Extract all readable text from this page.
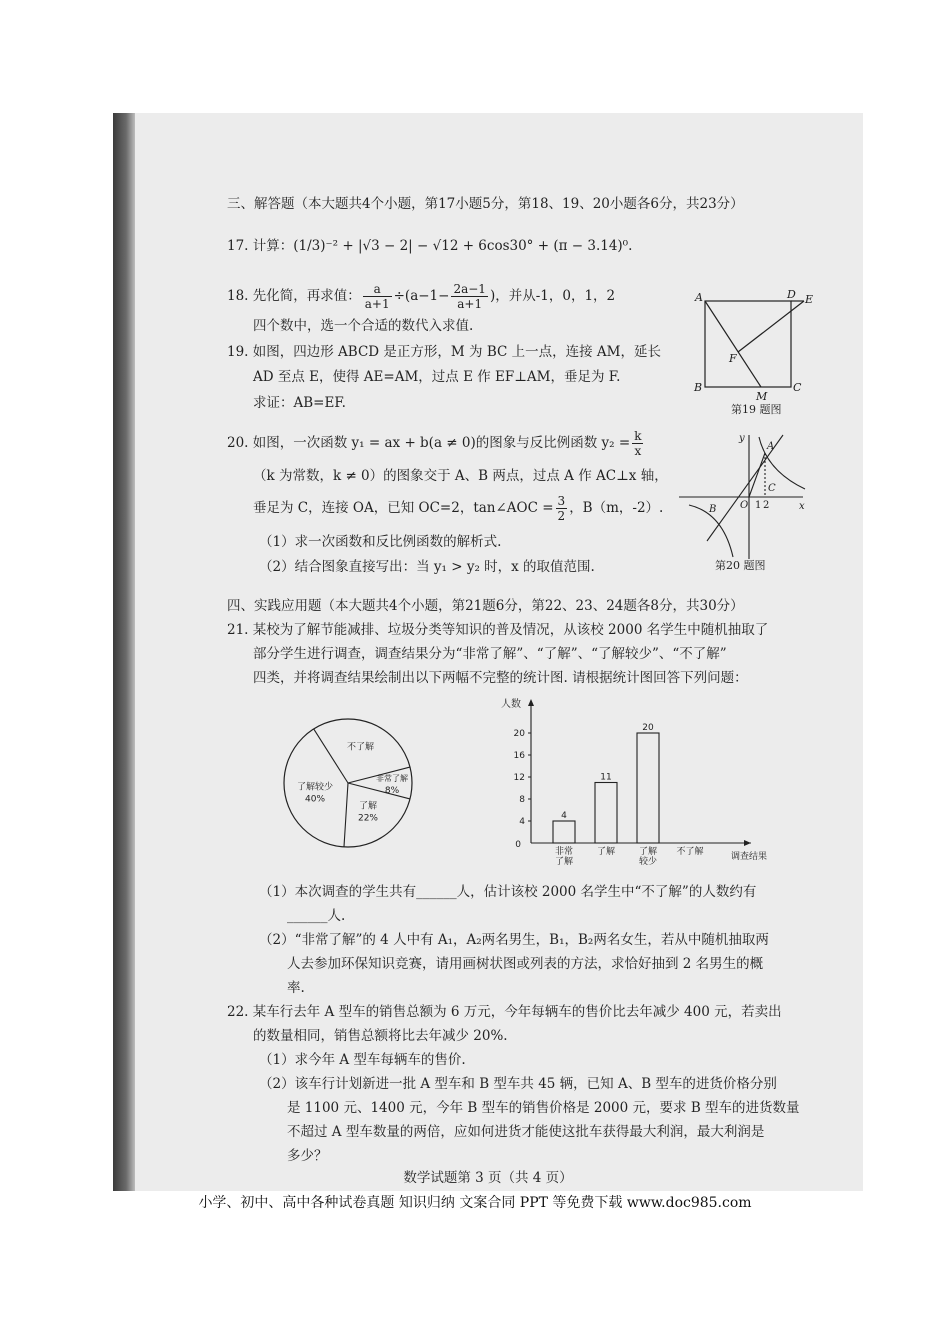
三、解答题（本大题共4个小题，第17小题5分，第18、19、20小题各6分，共23分）
17. 计算：(1/3)⁻² + |√3 − 2| − √12 + 6cos30° + (π − 3.14)⁰.
18. 先化简，再求值： $\frac{a}{a+1} \div(a-1- \frac{2a-1}{a+1}$ )，并从-1，0，1，2
四个数中，选一个合适的数代入求值.
19. 如图，四边形 ABCD 是正方形，M 为 BC 上一点，连接 AM，延长
AD 至点 E，使得 AE=AM，过点 E 作 EF⊥AM，垂足为 F.
求证：AB=EF.
A	D E
F
B
M
C
第19 题图
20. 如图，一次函数 y₁ = ax + b(a ≠ 0)的图象与反比例函数 $y_2 = \frac{k}{x}$
（k 为常数，k ≠ 0）的图象交于 A、B 两点，过点 A 作 AC⊥x 轴，
垂足为 C，连接 OA，已知 OC=2，tan∠AOC = $\frac{3}{2}$ ，B（m，-2）.
（1）求一次函数和反比例函数的解析式.
（2）结合图象直接写出：当 y₁ > y₂ 时，x 的取值范围.
y
x
A
B
C
O 1 2
第20 题图
四、实践应用题（本大题共4个小题，第21题6分，第22、23、24题各8分，共30分）
21. 某校为了解节能减排、垃圾分类等知识的普及情况，从该校 2000 名学生中随机抽取了
部分学生进行调查，调查结果分为“非常了解”、“了解”、“了解较少”、“不了解”
四类，并将调查结果绘制出以下两幅不完整的统计图. 请根据统计图回答下列问题：
不了解
非常了解
8%
了解
22%
了解较少
40%
人数
调查结果
0
4
8
12
16
20
4
非常
了解
11
了解
20
了解
较少
不了解
（1）本次调查的学生共有______人，估计该校 2000 名学生中“不了解”的人数约有
______人.
（2）“非常了解”的 4 人中有 A₁，A₂两名男生，B₁，B₂两名女生，若从中随机抽取两
人去参加环保知识竞赛，请用画树状图或列表的方法，求恰好抽到 2 名男生的概
率.
22. 某车行去年 A 型车的销售总额为 6 万元，今年每辆车的售价比去年减少 400 元，若卖出
的数量相同，销售总额将比去年减少 20%.
（1）求今年 A 型车每辆车的售价.
（2）该车行计划新进一批 A 型车和 B 型车共 45 辆，已知 A、B 型车的进货价格分别
是 1100 元、1400 元，今年 B 型车的销售价格是 2000 元，要求 B 型车的进货数量
不超过 A 型车数量的两倍，应如何进货才能使这批车获得最大利润，最大利润是
多少？
数学试题第 3 页（共 4 页）
小学、初中、高中各种试卷真题 知识归纳 文案合同 PPT 等免费下载 www.doc985.com
